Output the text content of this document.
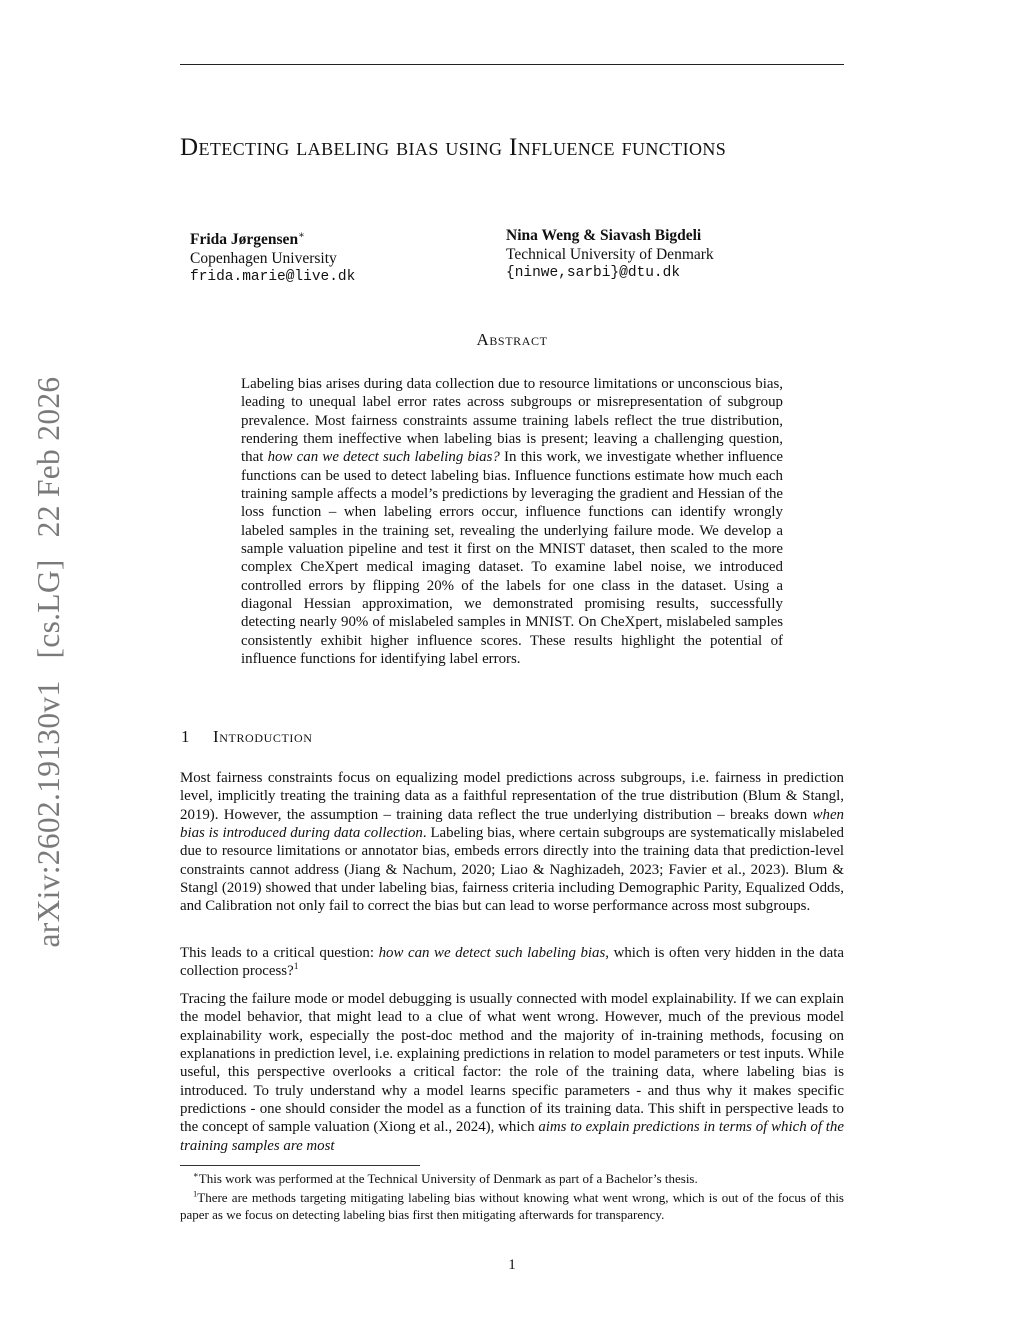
Detecting labeling bias using Influence functions
Frida Jørgensen∗
Copenhagen University
frida.marie@live.dk
Nina Weng & Siavash Bigdeli
Technical University of Denmark
{ninwe,sarbi}@dtu.dk
Abstract

Labeling bias arises during data collection due to resource limitations or unconscious bias, leading to unequal label error rates across subgroups or misrepresentation of subgroup prevalence. Most fairness constraints assume training labels reflect the true distribution, rendering them ineffective when labeling bias is present; leaving a challenging question, that how can we detect such labeling bias? In this work, we investigate whether influence functions can be used to detect labeling bias. Influence functions estimate how much each training sample affects a model’s predictions by leveraging the gradient and Hessian of the loss function – when labeling errors occur, influence functions can identify wrongly labeled samples in the training set, revealing the underlying failure mode. We develop a sample valuation pipeline and test it first on the MNIST dataset, then scaled to the more complex CheXpert medical imaging dataset. To examine label noise, we introduced controlled errors by flipping 20% of the labels for one class in the dataset. Using a diagonal Hessian approximation, we demonstrated promising results, successfully detecting nearly 90% of mislabeled samples in MNIST. On CheXpert, mislabeled samples consistently exhibit higher influence scores. These results highlight the potential of influence functions for identifying label errors.

1 Introduction

Most fairness constraints focus on equalizing model predictions across subgroups, i.e. fairness in prediction level, implicitly treating the training data as a faithful representation of the true distribution (Blum & Stangl, 2019). However, the assumption – training data reflect the true underlying distribution – breaks down when bias is introduced during data collection. Labeling bias, where certain subgroups are systematically mislabeled due to resource limitations or annotator bias, embeds errors directly into the training data that prediction-level constraints cannot address (Jiang & Nachum, 2020; Liao & Naghizadeh, 2023; Favier et al., 2023). Blum & Stangl (2019) showed that under labeling bias, fairness criteria including Demographic Parity, Equalized Odds, and Calibration not only fail to correct the bias but can lead to worse performance across most subgroups.

This leads to a critical question: how can we detect such labeling bias, which is often very hidden in the data collection process?$^1$

Tracing the failure mode or model debugging is usually connected with model explainability. If we can explain the model behavior, that might lead to a clue of what went wrong. However, much of the previous model explainability work, especially the post-doc method and the majority of in-training methods, focusing on explanations in prediction level, i.e. explaining predictions in relation to model parameters or test inputs. While useful, this perspective overlooks a critical factor: the role of the training data, where labeling bias is introduced. To truly understand why a model learns specific parameters - and thus why it makes specific predictions - one should consider the model as a function of its training data. This shift in perspective leads to the concept of sample valuation (Xiong et al., 2024), which aims to explain predictions in terms of which of the training samples are most

 ∗This work was performed at the Technical University of Denmark as part of a Bachelor’s thesis.

 $^1$There are methods targeting mitigating labeling bias without knowing what went wrong, which is out of the focus of this paper as we focus on detecting labeling bias first then mitigating afterwards for transparency.

1
arXiv:2602.19130v1[cs.LG]22 Feb 2026
